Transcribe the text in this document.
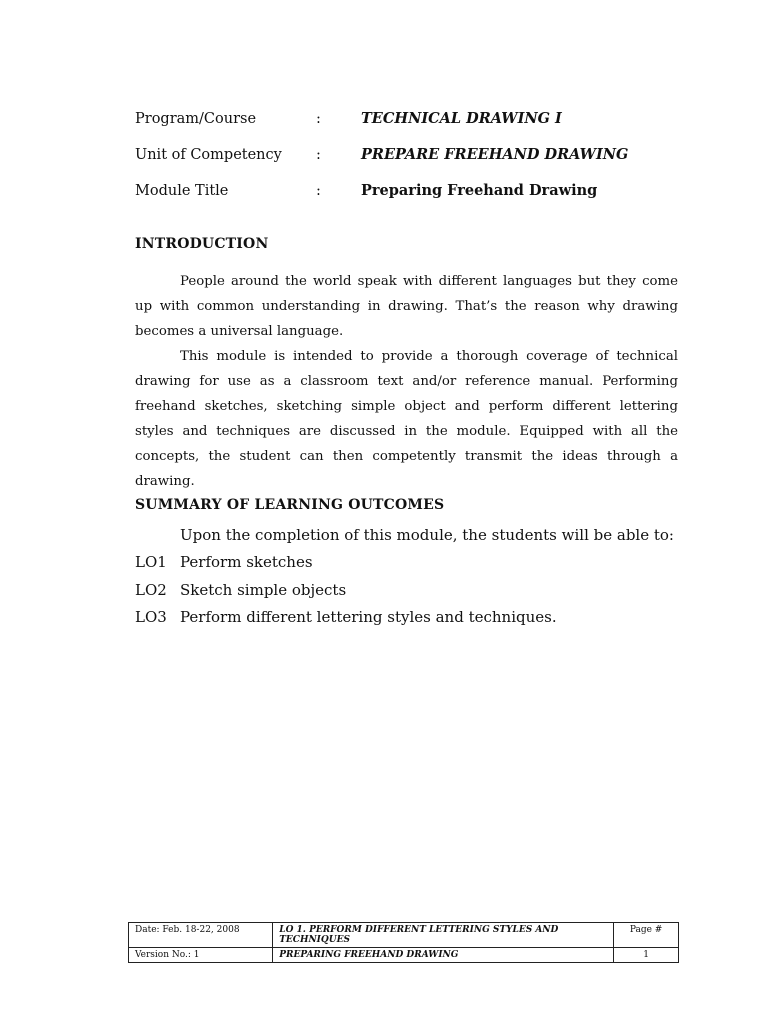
Program/Course	:	TECHNICAL DRAWING I
Unit of Competency :	PREPARE FREEHAND DRAWING
Module Title	:	Preparing Freehand Drawing
INTRODUCTION

People around the world speak with different languages but they come up with common understanding in drawing. That’s the reason why drawing becomes a universal language.

This module is intended to provide a thorough coverage of technical drawing for use as a classroom text and/or reference manual. Performing freehand sketches, sketching simple object and perform different lettering styles and techniques are discussed in the module. Equipped with all the concepts, the student can then competently transmit the ideas through a drawing.

SUMMARY OF LEARNING OUTCOMES
Upon the completion of this module, the students will be able to:
LO1 Perform sketches
LO2 Sketch simple objects
LO3 Perform different lettering styles and techniques.
Date: Feb. 18-22, 2008	LO 1. PERFORM DIFFERENT LETTERING STYLES AND TECHNIQUES	Page #
Version No.: 1	PREPARING FREEHAND DRAWING	1
